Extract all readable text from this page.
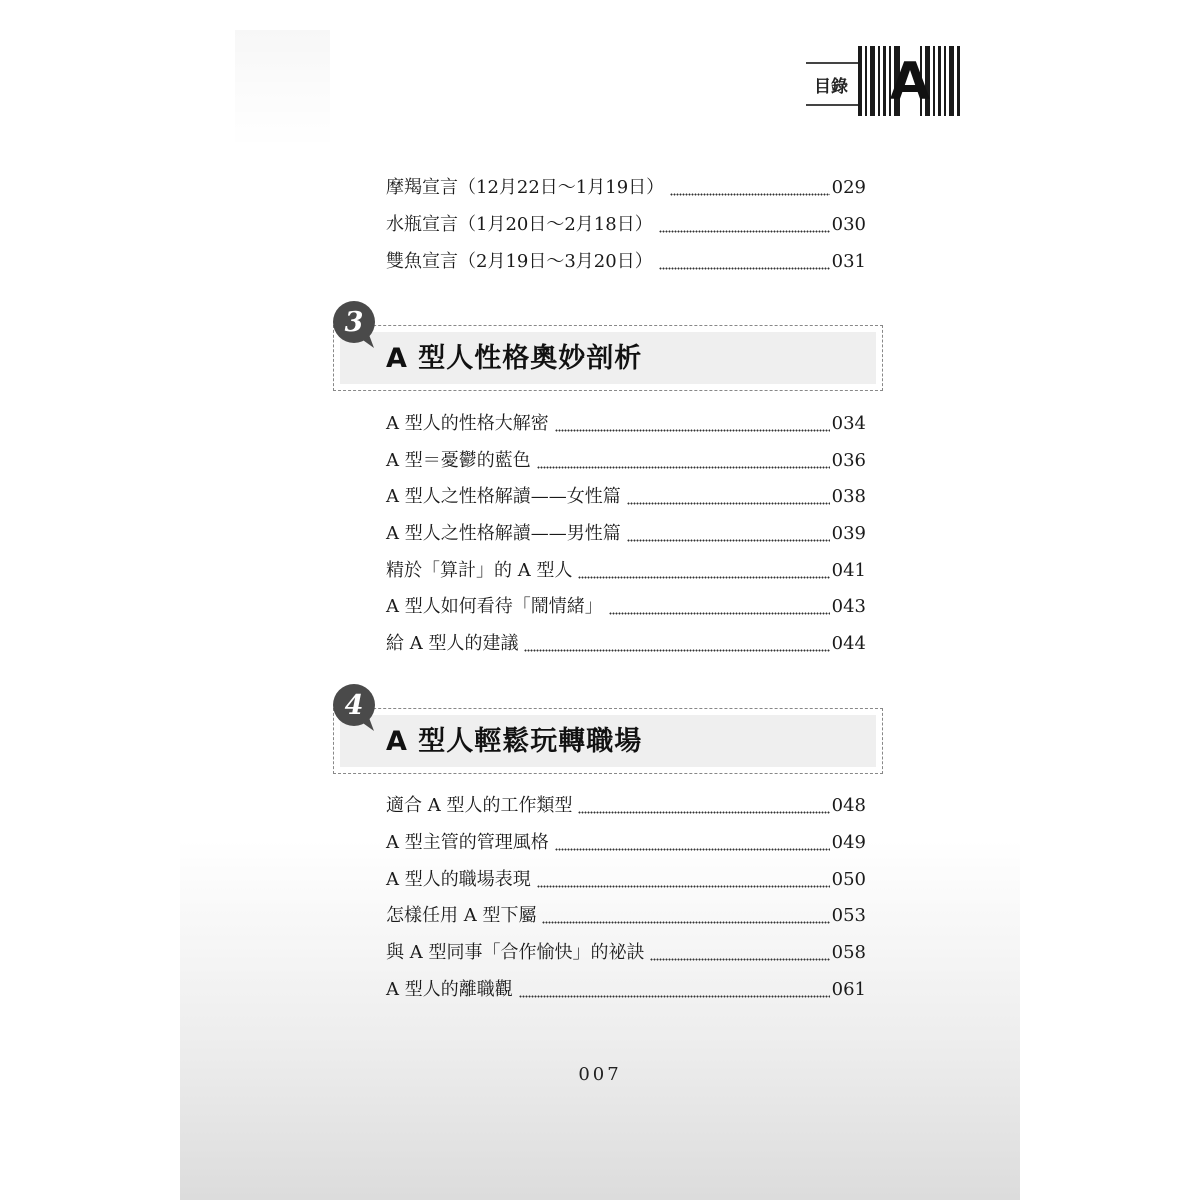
目錄 A
摩羯宣言（12月22日～1月19日）	029
水瓶宣言（1月20日～2月18日）	030
雙魚宣言（2月19日～3月20日）	031
3
A 型人性格奧妙剖析
A 型人的性格大解密	034
A 型＝憂鬱的藍色	036
A 型人之性格解讀——女性篇	038
A 型人之性格解讀——男性篇	039
精於「算計」的 A 型人	041
A 型人如何看待「鬧情緒」	043
給 A 型人的建議	044
4
A 型人輕鬆玩轉職場
適合 A 型人的工作類型	048
A 型主管的管理風格	049
A 型人的職場表現	050
怎樣任用 A 型下屬	053
與 A 型同事「合作愉快」的祕訣	058
A 型人的離職觀	061
007
